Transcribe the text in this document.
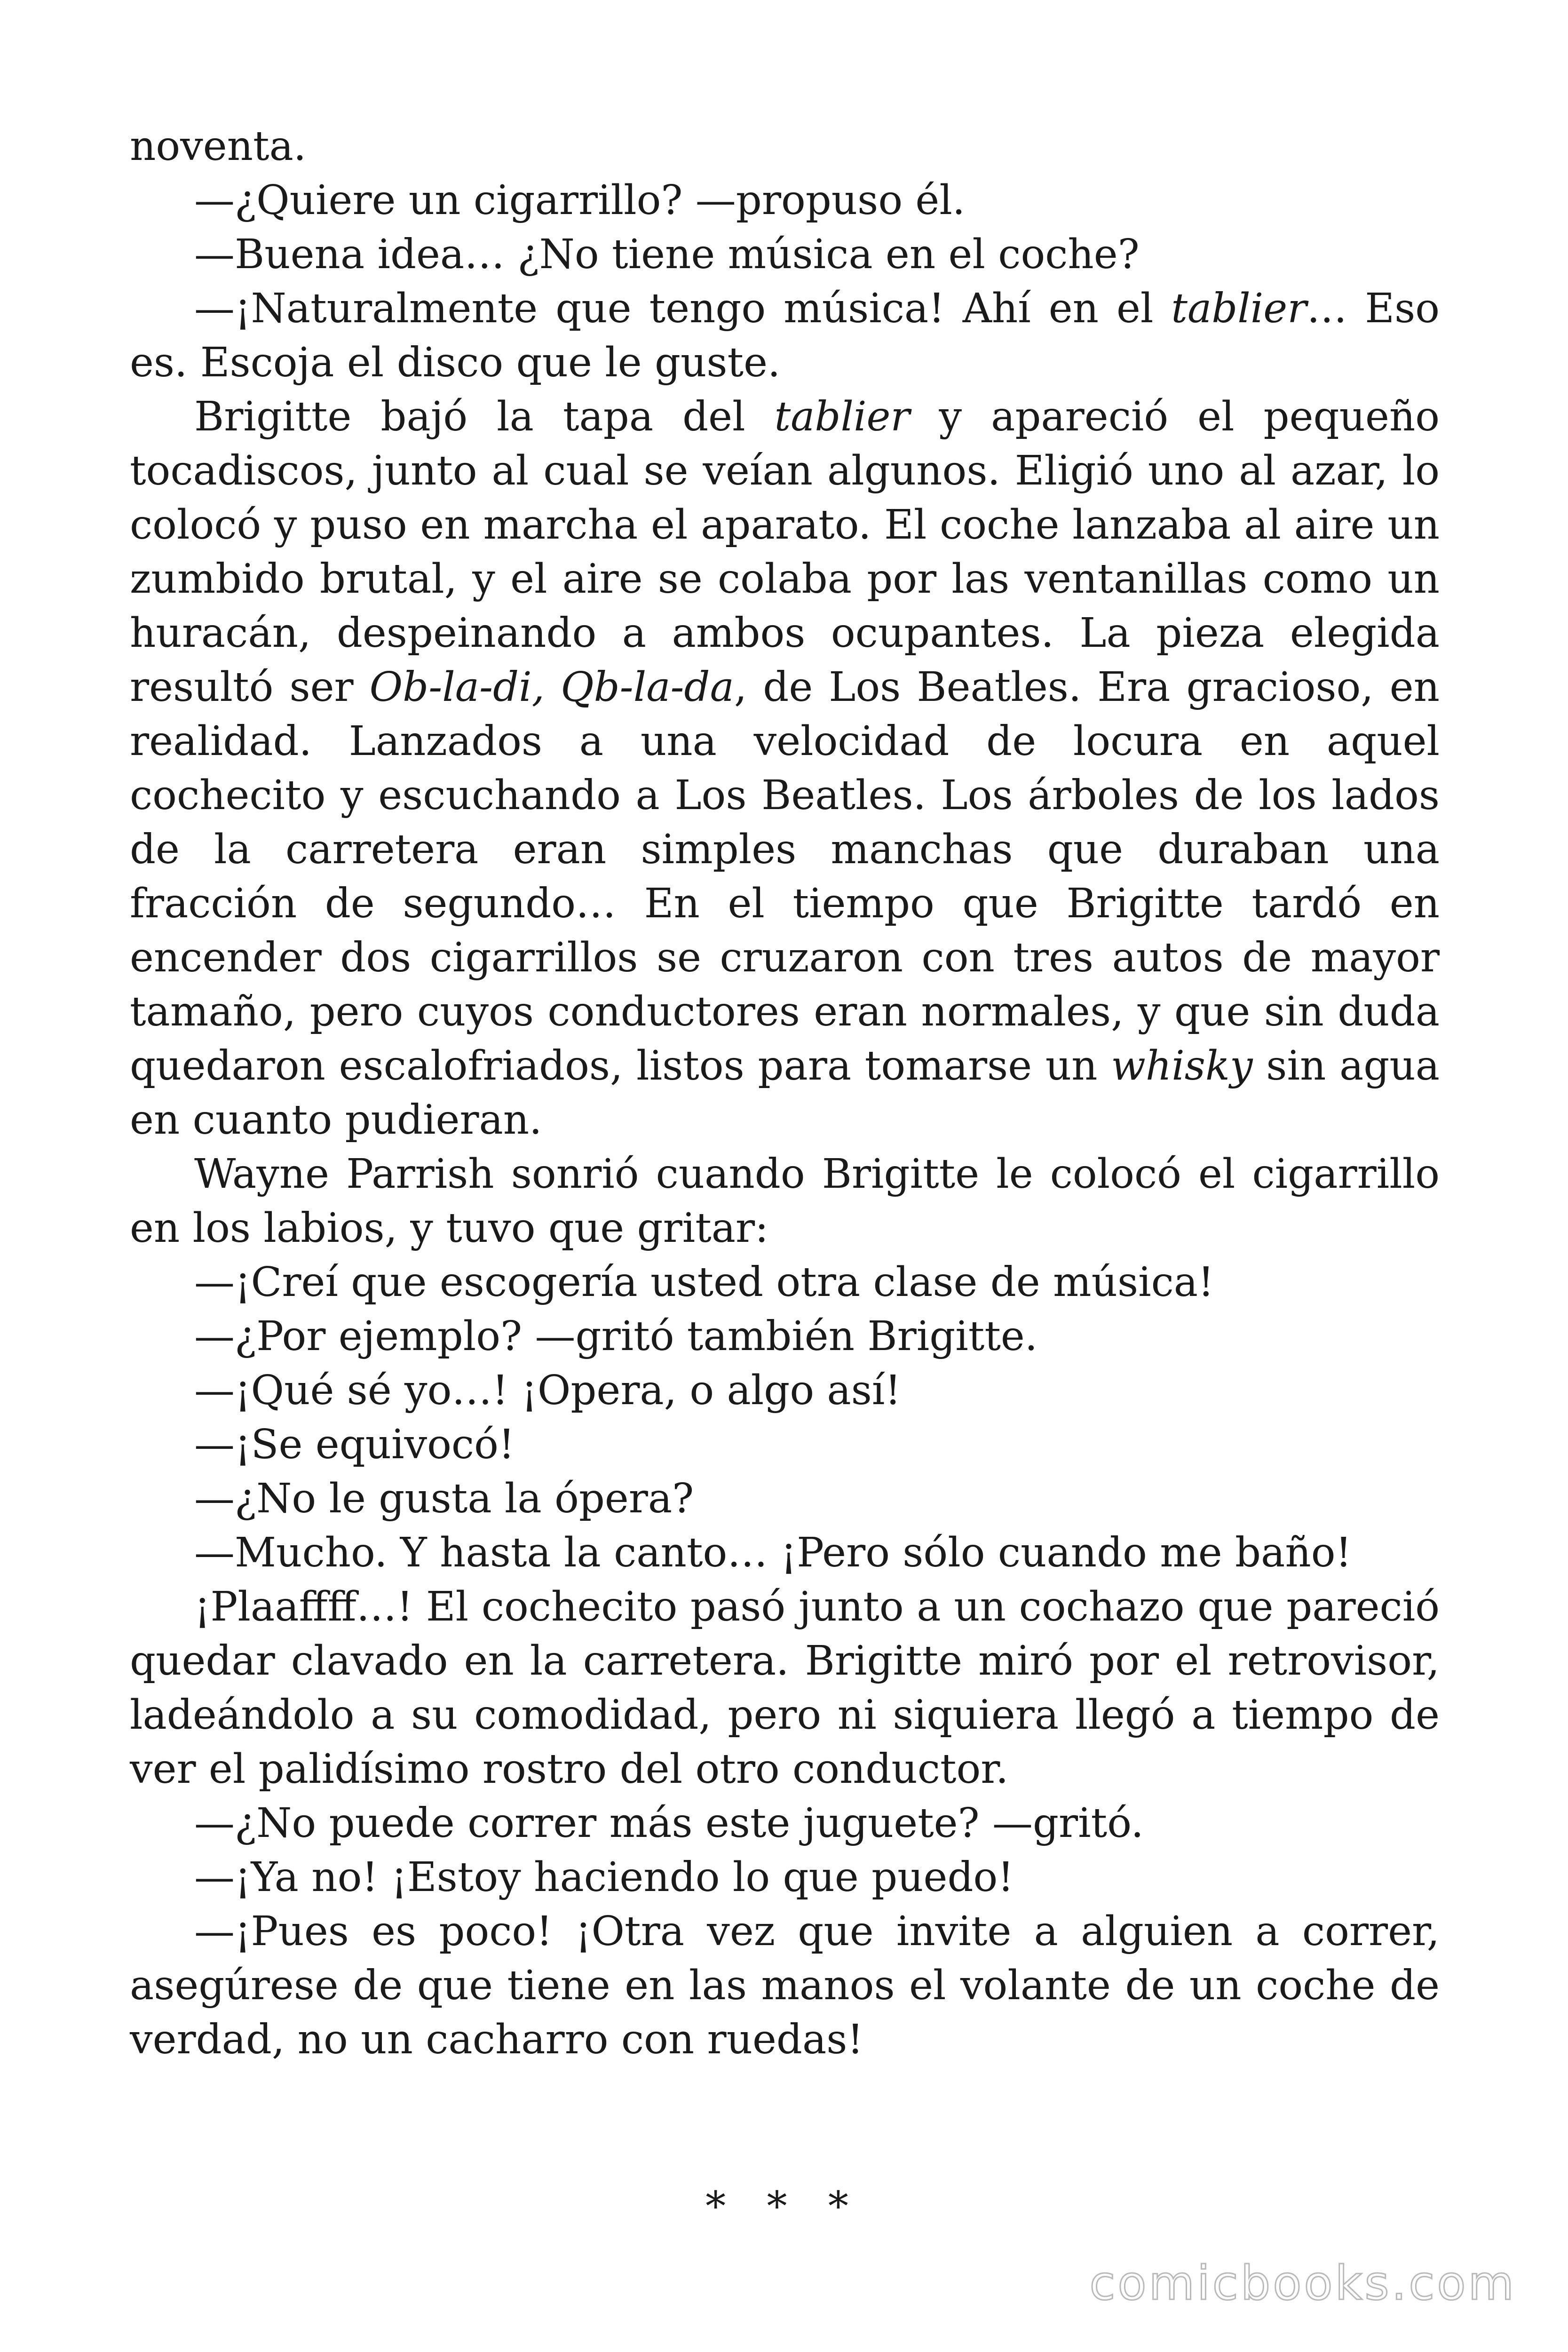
noventa.

—¿Quiere un cigarrillo? —propuso él.

—Buena idea… ¿No tiene música en el coche?

—¡Naturalmente que tengo música! Ahí en el tablier… Eso es. Escoja el disco que le guste.

Brigitte bajó la tapa del tablier y apareció el pequeño tocadiscos, junto al cual se veían algunos. Eligió uno al azar, lo colocó y puso en marcha el aparato. El coche lanzaba al aire un zumbido brutal, y el aire se colaba por las ventanillas como un huracán, despeinando a ambos ocupantes. La pieza elegida resultó ser Ob-la-di, Qb-la-da, de Los Beatles. Era gracioso, en realidad. Lanzados a una velocidad de locura en aquel cochecito y escuchando a Los Beatles. Los árboles de los lados de la carretera eran simples manchas que duraban una fracción de segundo… En el tiempo que Brigitte tardó en encender dos cigarrillos se cruzaron con tres autos de mayor tamaño, pero cuyos conductores eran normales, y que sin duda quedaron escalofriados, listos para tomarse un whisky sin agua en cuanto pudieran.

Wayne Parrish sonrió cuando Brigitte le colocó el cigarrillo en los labios, y tuvo que gritar:

—¡Creí que escogería usted otra clase de música!

—¿Por ejemplo? —gritó también Brigitte.

—¡Qué sé yo…! ¡Opera, o algo así!

—¡Se equivocó!

—¿No le gusta la ópera?

—Mucho. Y hasta la canto… ¡Pero sólo cuando me baño!

¡Plaaffff…! El cochecito pasó junto a un cochazo que pareció quedar clavado en la carretera. Brigitte miró por el retrovisor, ladeándolo a su comodidad, pero ni siquiera llegó a tiempo de ver el palidísimo rostro del otro conductor.

—¿No puede correr más este juguete? —gritó.

—¡Ya no! ¡Estoy haciendo lo que puedo!

—¡Pues es poco! ¡Otra vez que invite a alguien a correr, asegúrese de que tiene en las manos el volante de un coche de verdad, no un cacharro con ruedas!

* * *
comicbooks.com
